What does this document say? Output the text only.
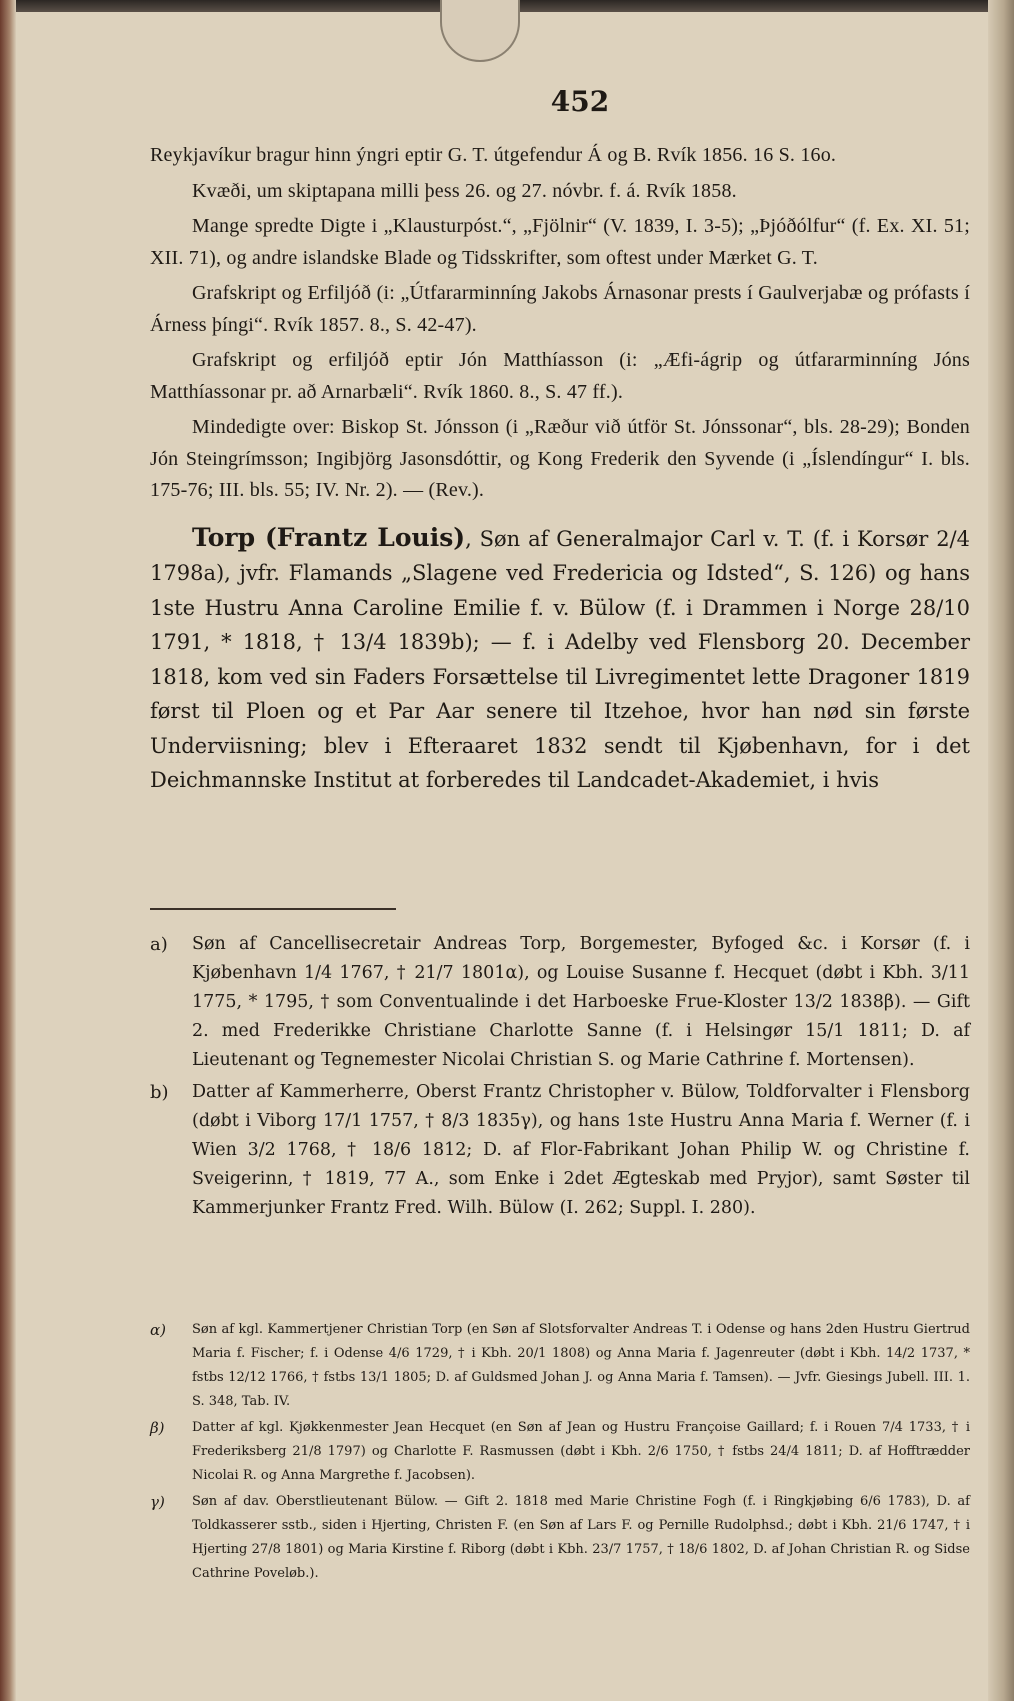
452

Reykjavíkur bragur hinn ýngri eptir G. T. útgefendur Á og B. Rvík 1856. 16 S. 16o.

Kvæði, um skiptapana milli þess 26. og 27. nóvbr. f. á. Rvík 1858.

Mange spredte Digte i „Klausturpóst.“, „Fjölnir“ (V. 1839, I. 3-5); „Þjóðólfur“ (f. Ex. XI. 51; XII. 71), og andre islandske Blade og Tidsskrifter, som oftest under Mærket G. T.

Grafskript og Erfiljóð (i: „Útfararminníng Jakobs Árnasonar prests í Gaulverjabæ og prófasts í Árness þíngi“. Rvík 1857. 8., S. 42-47).

Grafskript og erfiljóð eptir Jón Matthíasson (i: „Æfi-ágrip og útfararminníng Jóns Matthíassonar pr. að Arnarbæli“. Rvík 1860. 8., S. 47 ff.).

Mindedigte over: Biskop St. Jónsson (i „Ræður við útför St. Jónssonar“, bls. 28-29); Bonden Jón Steingrímsson; Ingibjörg Jasonsdóttir, og Kong Frederik den Syvende (i „Íslendíngur“ I. bls. 175-76; III. bls. 55; IV. Nr. 2). — (Rev.).

Torp (Frantz Louis), Søn af Generalmajor Carl v. T. (f. i Korsør 2/4 1798a), jvfr. Flamands „Slagene ved Fredericia og Idsted“, S. 126) og hans 1ste Hustru Anna Caroline Emilie f. v. Bülow (f. i Drammen i Norge 28/10 1791, * 1818, † 13/4 1839b); — f. i Adelby ved Flensborg 20. December 1818, kom ved sin Faders Forsættelse til Livregimentet lette Dragoner 1819 først til Ploen og et Par Aar senere til Itzehoe, hvor han nød sin første Underviisning; blev i Efteraaret 1832 sendt til Kjøbenhavn, for i det Deichmannske Institut at forberedes til Landcadet-Akademiet, i hvis

a)	Søn af Cancellisecretair Andreas Torp, Borgemester, Byfoged &c. i Korsør (f. i Kjøbenhavn 1/4 1767, † 21/7 1801α), og Louise Susanne f. Hecquet (døbt i Kbh. 3/11 1775, * 1795, † som Conventualinde i det Harboeske Frue-Kloster 13/2 1838β). — Gift 2. med Frederikke Christiane Charlotte Sanne (f. i Helsingør 15/1 1811; D. af Lieutenant og Tegnemester Nicolai Christian S. og Marie Cathrine f. Mortensen).
b)	Datter af Kammerherre, Oberst Frantz Christopher v. Bülow, Toldforvalter i Flensborg (døbt i Viborg 17/1 1757, † 8/3 1835γ), og hans 1ste Hustru Anna Maria f. Werner (f. i Wien 3/2 1768, † 18/6 1812; D. af Flor-Fabrikant Johan Philip W. og Christine f. Sveigerinn, † 1819, 77 A., som Enke i 2det Ægteskab med Pryjor), samt Søster til Kammerjunker Frantz Fred. Wilh. Bülow (I. 262; Suppl. I. 280).
α)	Søn af kgl. Kammertjener Christian Torp (en Søn af Slotsforvalter Andreas T. i Odense og hans 2den Hustru Giertrud Maria f. Fischer; f. i Odense 4/6 1729, † i Kbh. 20/1 1808) og Anna Maria f. Jagenreuter (døbt i Kbh. 14/2 1737, * fstbs 12/12 1766, † fstbs 13/1 1805; D. af Guldsmed Johan J. og Anna Maria f. Tamsen). — Jvfr. Giesings Jubell. III. 1. S. 348, Tab. IV.
β)	Datter af kgl. Kjøkkenmester Jean Hecquet (en Søn af Jean og Hustru Françoise Gaillard; f. i Rouen 7/4 1733, † i Frederiksberg 21/8 1797) og Charlotte F. Rasmussen (døbt i Kbh. 2/6 1750, † fstbs 24/4 1811; D. af Hofftrædder Nicolai R. og Anna Margrethe f. Jacobsen).
γ)	Søn af dav. Oberstlieutenant Bülow. — Gift 2. 1818 med Marie Christine Fogh (f. i Ringkjøbing 6/6 1783), D. af Toldkasserer sstb., siden i Hjerting, Christen F. (en Søn af Lars F. og Pernille Rudolphsd.; døbt i Kbh. 21/6 1747, † i Hjerting 27/8 1801) og Maria Kirstine f. Riborg (døbt i Kbh. 23/7 1757, † 18/6 1802, D. af Johan Christian R. og Sidse Cathrine Poveløb.).
